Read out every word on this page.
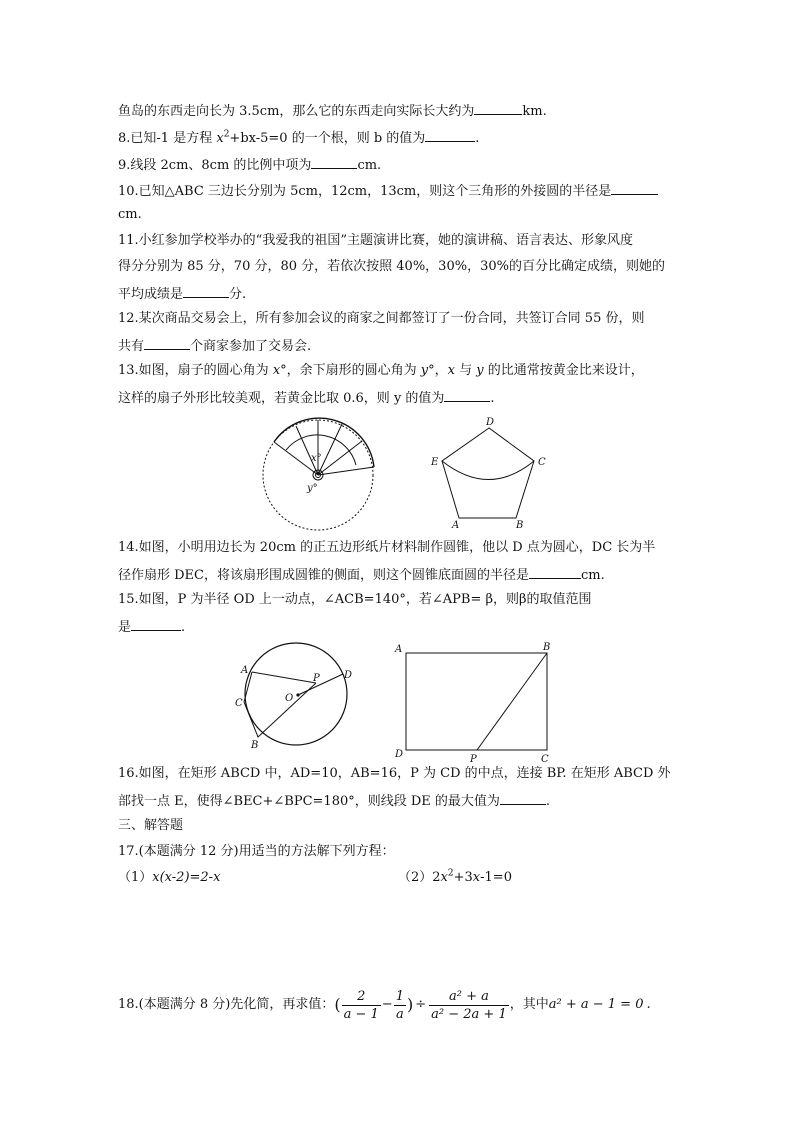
鱼岛的东西走向长为 3.5cm，那么它的东西走向实际长大约为	km.
8.已知-1 是方程 $x^2+bx-5=0$ 的一个根，则 b 的值为	.
9.线段 2cm、8cm 的比例中项为	cm.
10.已知△ABC 三边长分别为 5cm，12cm，13cm，则这个三角形的外接圆的半径是
cm.
11.小红参加学校举办的“我爱我的祖国”主题演讲比赛，她的演讲稿、语言表达、形象风度
得分分别为 85 分，70 分，80 分，若依次按照 40%，30%，30%的百分比确定成绩，则她的
平均成绩是	分.
12.某次商品交易会上，所有参加会议的商家之间都签订了一份合同，共签订合同 55 份，则
共有	个商家参加了交易会.
13.如图，扇子的圆心角为 x°，余下扇形的圆心角为 y°，x 与 y 的比通常按黄金比来设计，
这样的扇子外形比较美观，若黄金比取 0.6，则 y 的值为	.
x°
y°
D
E	C
A	B
14.如图，小明用边长为 20cm 的正五边形纸片材料制作圆锥，他以 D 点为圆心，DC 长为半
径作扇形 DEC，将该扇形围成圆锥的侧面，则这个圆锥底面圆的半径是	cm.
15.如图，P 为半径 OD 上一动点，∠ACB=140°，若∠APB= β，则β的取值范围
是	.
A
C
B
P
O
D
A	B
D	P	C
16.如图，在矩形 ABCD 中，AD=10，AB=16，P 为 CD 的中点，连接 BP. 在矩形 ABCD 外
部找一点 E，使得∠BEC+∠BPC=180°，则线段 DE 的最大值为	.
三、解答题
17.(本题满分 12 分)用适当的方法解下列方程：
（1）x(x-2)=2-x	$(2)2x^2+3x-1=0$
18.(本题满分 8 分)先化简，再求值： ( $\frac{2}{a - 1} - \frac{1}{a}$ ) ÷ $\frac{\text{a² + a}}{\text{a² − 2a + 1}}$ ，其中 a² + a − 1 = 0 .
